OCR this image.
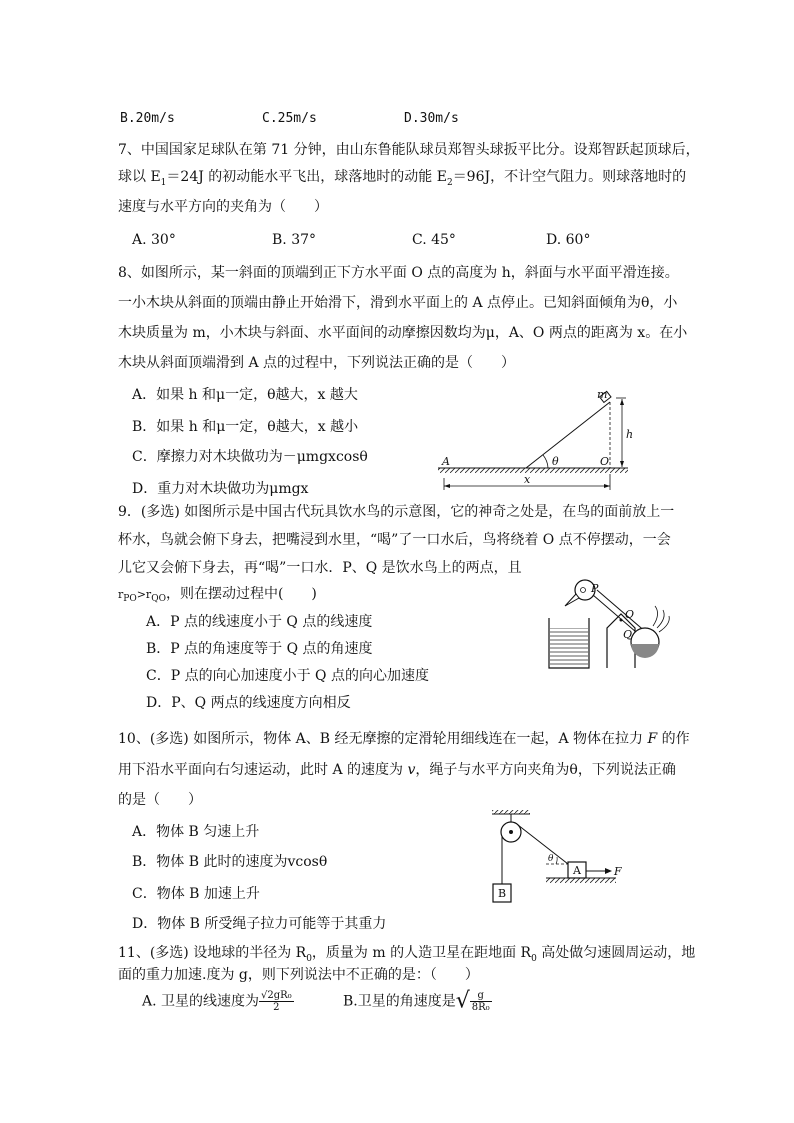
B.20m/s	C.25m/s	D.30m/s
7、中国国家足球队在第 71 分钟，由山东鲁能队球员郑智头球扳平比分。设郑智跃起顶球后，
球以 $E_1=24J$ 的初动能水平飞出，球落地时的动能 $E_2=96J$，不计空气阻力。则球落地时的
速度与水平方向的夹角为（　　）
A. 30°	B. 37°	C. 45°	D. 60°
8、如图所示，某一斜面的顶端到正下方水平面 O 点的高度为 h，斜面与水平面平滑连接。
一小木块从斜面的顶端由静止开始滑下，滑到水平面上的 A 点停止。已知斜面倾角为θ，小
木块质量为 m，小木块与斜面、水平面间的动摩擦因数均为μ，A、O 两点的距离为 x。在小
木块从斜面顶端滑到 A 点的过程中，下列说法正确的是（　　）
A．如果 h 和μ一定，θ越大，x 越大
B．如果 h 和μ一定，θ越大，x 越小
C．摩擦力对木块做功为－μmgxcosθ
D．重力对木块做功为μmgx
m
h
θ
A	O
x
9．(多选) 如图所示是中国古代玩具饮水鸟的示意图，它的神奇之处是，在鸟的面前放上一
杯水，鸟就会俯下身去，把嘴浸到水里，“喝”了一口水后，鸟将绕着 O 点不停摆动，一会
儿它又会俯下身去，再“喝”一口水．P、Q 是饮水鸟上的两点，且
$r_{PO}>r_{QO}$，则在摆动过程中(　　)
A．P 点的线速度小于 Q 点的线速度
B．P 点的角速度等于 Q 点的角速度
C．P 点的向心加速度小于 Q 点的向心加速度
D．P、Q 两点的线速度方向相反
P
O
Q
10、(多选) 如图所示，物体 A、B 经无摩擦的定滑轮用细线连在一起，A 物体在拉力 F 的作
用下沿水平面向右匀速运动，此时 A 的速度为 v，绳子与水平方向夹角为θ，下列说法正确
的是（　　）
A．物体 B 匀速上升
B．物体 B 此时的速度为vcosθ
C．物体 B 加速上升
D．物体 B 所受绳子拉力可能等于其重力
θ
A
B
F
11、(多选) 设地球的半径为 $R_0$，质量为 m 的人造卫星在距地面 $R_0$ 高处做匀速圆周运动，地
面的重力加速.度为 g，则下列说法中不正确的是：（　　）
A. 卫星的线速度为 $\frac{\text{√2gR₀}}{2}$	B.卫星的角速度是√ $\frac{g}{\text{8R₀}}$
